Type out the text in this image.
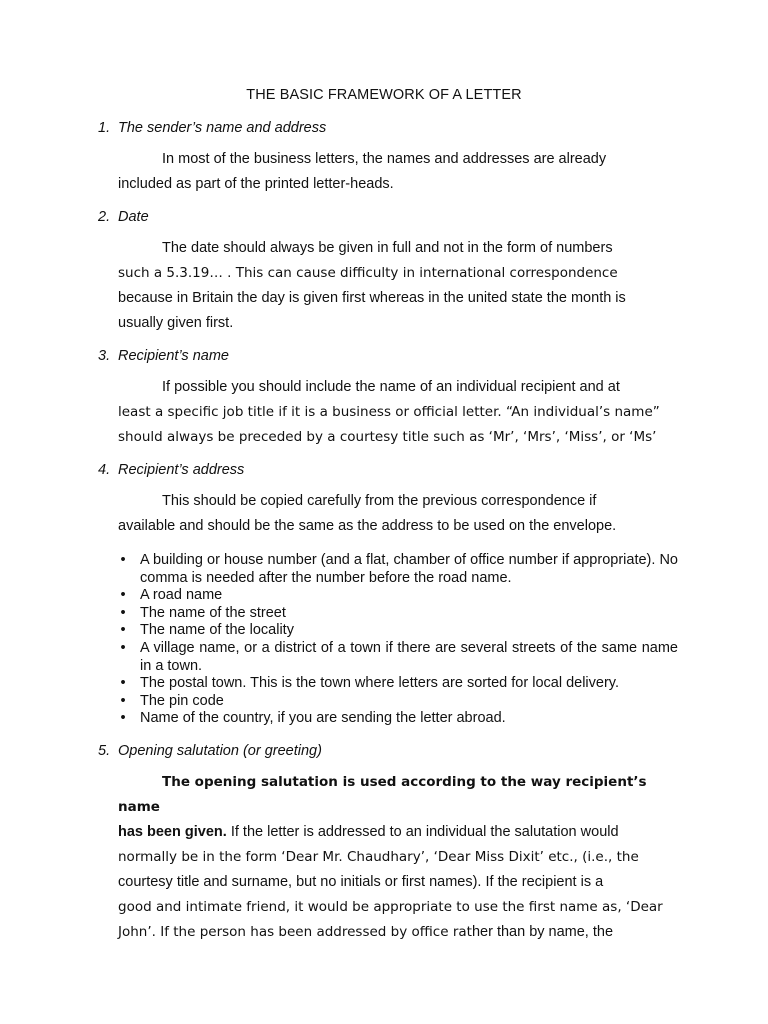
THE BASIC FRAMEWORK OF A LETTER
1. The sender’s name and address
In most of the business letters, the names and addresses are already
included as part of the printed letter-heads.
2. Date
The date should always be given in full and not in the form of numbers
such a 5.3.19… . This can cause difficulty in international correspondence
because in Britain the day is given first whereas in the united state the month is
usually given first.
3. Recipient’s name
If possible you should include the name of an individual recipient and at
least a specific job title if it is a business or official letter. “An individual’s name”
should always be preceded by a courtesy title such as ‘Mr’, ‘Mrs’, ‘Miss’, or ‘Ms’
4. Recipient’s address
This should be copied carefully from the previous correspondence if
available and should be the same as the address to be used on the envelope.
• A building or house number (and a flat, chamber of office number if appropriate). No comma is needed after the number before the road name.
• A road name
• The name of the street
• The name of the locality
• A village name, or a district of a town if there are several streets of the same name in a town.
• The postal town. This is the town where letters are sorted for local delivery.
• The pin code
• Name of the country, if you are sending the letter abroad.
5. Opening salutation (or greeting)
The opening salutation is used according to the way recipient’s name
has been given. If the letter is addressed to an individual the salutation would
normally be in the form ‘Dear Mr. Chaudhary’, ‘Dear Miss Dixit’ etc., (i.e., the
courtesy title and surname, but no initials or first names). If the recipient is a
good and intimate friend, it would be appropriate to use the first name as, ‘Dear
John’. If the person has been addressed by office rather than by name, the
